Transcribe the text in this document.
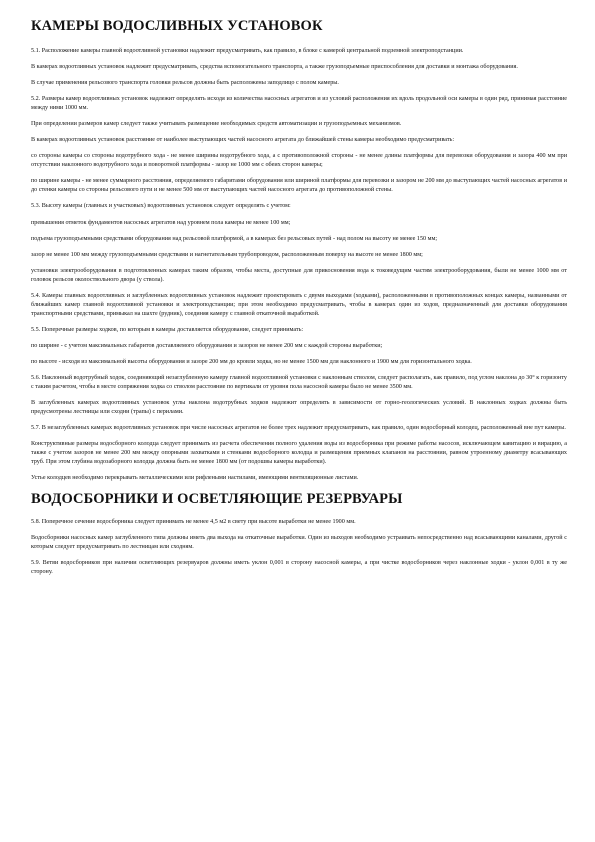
КАМЕРЫ ВОДОСЛИВНЫХ УСТАНОВОК

5.1. Расположение камеры главной водоотливной установки надлежит предусматривать, как правило, в блоке с камерой центральной подземной электроподстанции.

В камерах водоотливных установок надлежит предусматривать, средства вспомогательного транспорта, а также грузоподъемные приспособления для доставки и монтажа оборудования.

В случае применения рельсового транспорта головки рельсов должны быть расположены заподлицо с полом камеры.

5.2. Размеры камер водоотливных установок надлежит определять исходя из количества насосных агрегатов и из условий расположения их вдоль продольной оси камеры в один ряд, принимая расстояние между ними 1000 мм.

При определении размеров камер следует также учитывать размещение необходимых средств автоматизации и грузоподъемных механизмов.

В камерах водоотливных установок расстояние от наиболее выступающих частей насосного агрегата до ближайшей стены камеры необходимо предусматривать:

со стороны камеры со стороны водотрубного хода - не менее ширины водотрубного хода, а с противоположной стороны - не менее длины платформы для перевозки оборудования и зазора 400 мм при отсутствии наклонного водотрубного хода и поворотной платформы - зазор не 1000 мм с обеих сторон камеры;

по ширине камеры - не менее суммарного расстояния, определяемого габаритами оборудования или шириной платформы для перевозки и зазором не 200 мм до выступающих частей насосных агрегатов и до стенки камеры со стороны рельсового пути и не менее 500 мм от выступающих частей насосного агрегата до противоположной стены.

5.3. Высоту камеры (главных и участковых) водоотливных установок следует определять с учетом:

превышения отметок фундаментов насосных агрегатов над уровнем пола камеры не менее 100 мм;

подъема грузоподъемными средствами оборудования над рельсовой платформой, а в камерах без рельсовых путей - над полом на высоту не менее 150 мм;

зазор не менее 100 мм между грузоподъемными средствами и нагнетательным трубопроводом, расположенным поверху на высоте не менее 1800 мм;

установки электрооборудования в подготовленных камерах таким образом, чтобы места, доступные для прикосновения вода к токоведущим частям электрооборудования, были не менее 1000 мм от головок рельсов околоствольного двора (у ствола).

5.4. Камеры главных водоотливных и заглубленных водоотливных установок надлежит проектировать с двумя выходами (ходками), расположенными в противоположных концах камеры, названными от ближайших камер главной водоотливной установки и электроподстанции; при этом необходимо предусматривать, чтобы в камерах один из ходов, предназначенный для доставки оборудования транспортными средствами, примыкал на шахте (рудник), соединяя камеру с главной откаточной выработкой.

5.5. Поперечные размеры ходков, по которым в камеры доставляется оборудование, следует принимать:

по ширине - с учетом максимальных габаритов доставляемого оборудования и зазоров не менее 200 мм с каждой стороны выработки;

по высоте - исходя из максимальной высоты оборудования и зазоре 200 мм до кровли ходка, но не менее 1500 мм для наклонного и 1900 мм для горизонтального ходка.

5.6. Наклонный водотрубный ходок, соединяющий незаглубленную камеру главной водоотливной установки с наклонным стволом, следует располагать, как правило, под углом наклона до 30° к горизонту с таким расчетом, чтобы в месте сопряжения ходка со стволом расстояние по вертикали от уровня пола насосной камеры было не менее 3500 мм.

В заглубленных камерах водоотливных установок углы наклона водотрубных ходков надлежит определять в зависимости от горно-геологических условий. В наклонных ходках должны быть предусмотрены лестницы или сходни (трапы) с перилами.

5.7. В незаглубленных камерах водоотливных установок при числе насосных агрегатов не более трех надлежит предусматривать, как правило, один водосборный колодец, расположенный вне пут камеры.

Конструктивные размеры водосборного колодца следует принимать из расчета обеспечения полного удаления воды из водосборника при режиме работы насосов, исключающем кавитацию и вирацию, а также с учетом зазоров не менее 200 мм между опорными захватками и стенками водосборного колодца и размещения приемных клапанов на расстоянии, равном утроенному диаметру всасывающих труб. При этом глубина водозаборного колодца должна быть не менее 1800 мм (от подошвы камеры выработки).

Устье колодцев необходимо перекрывать металлическими или рифлеными настилами, имеющими вентиляционные листами.

ВОДОСБОРНИКИ И ОСВЕТЛЯЮЩИЕ РЕЗЕРВУАРЫ

5.8. Поперечное сечение водосборника следует принимать не менее 4,5 м2 в свету при высоте выработки не менее 1900 мм.

Водосборники насосных камер заглубленного типа должны иметь два выхода на откаточные выработки. Один из выходов необходимо устраивать непосредственно над всасывающими каналами, другой с которым следует предусматривать по лестницам или сходням.

5.9. Ветви водосборников при наличии осветляющих резервуаров должны иметь уклон 0,001 в сторону насосной камеры, а при чистке водосборников через наклонные ходки - уклон 0,001 в ту же сторону.
